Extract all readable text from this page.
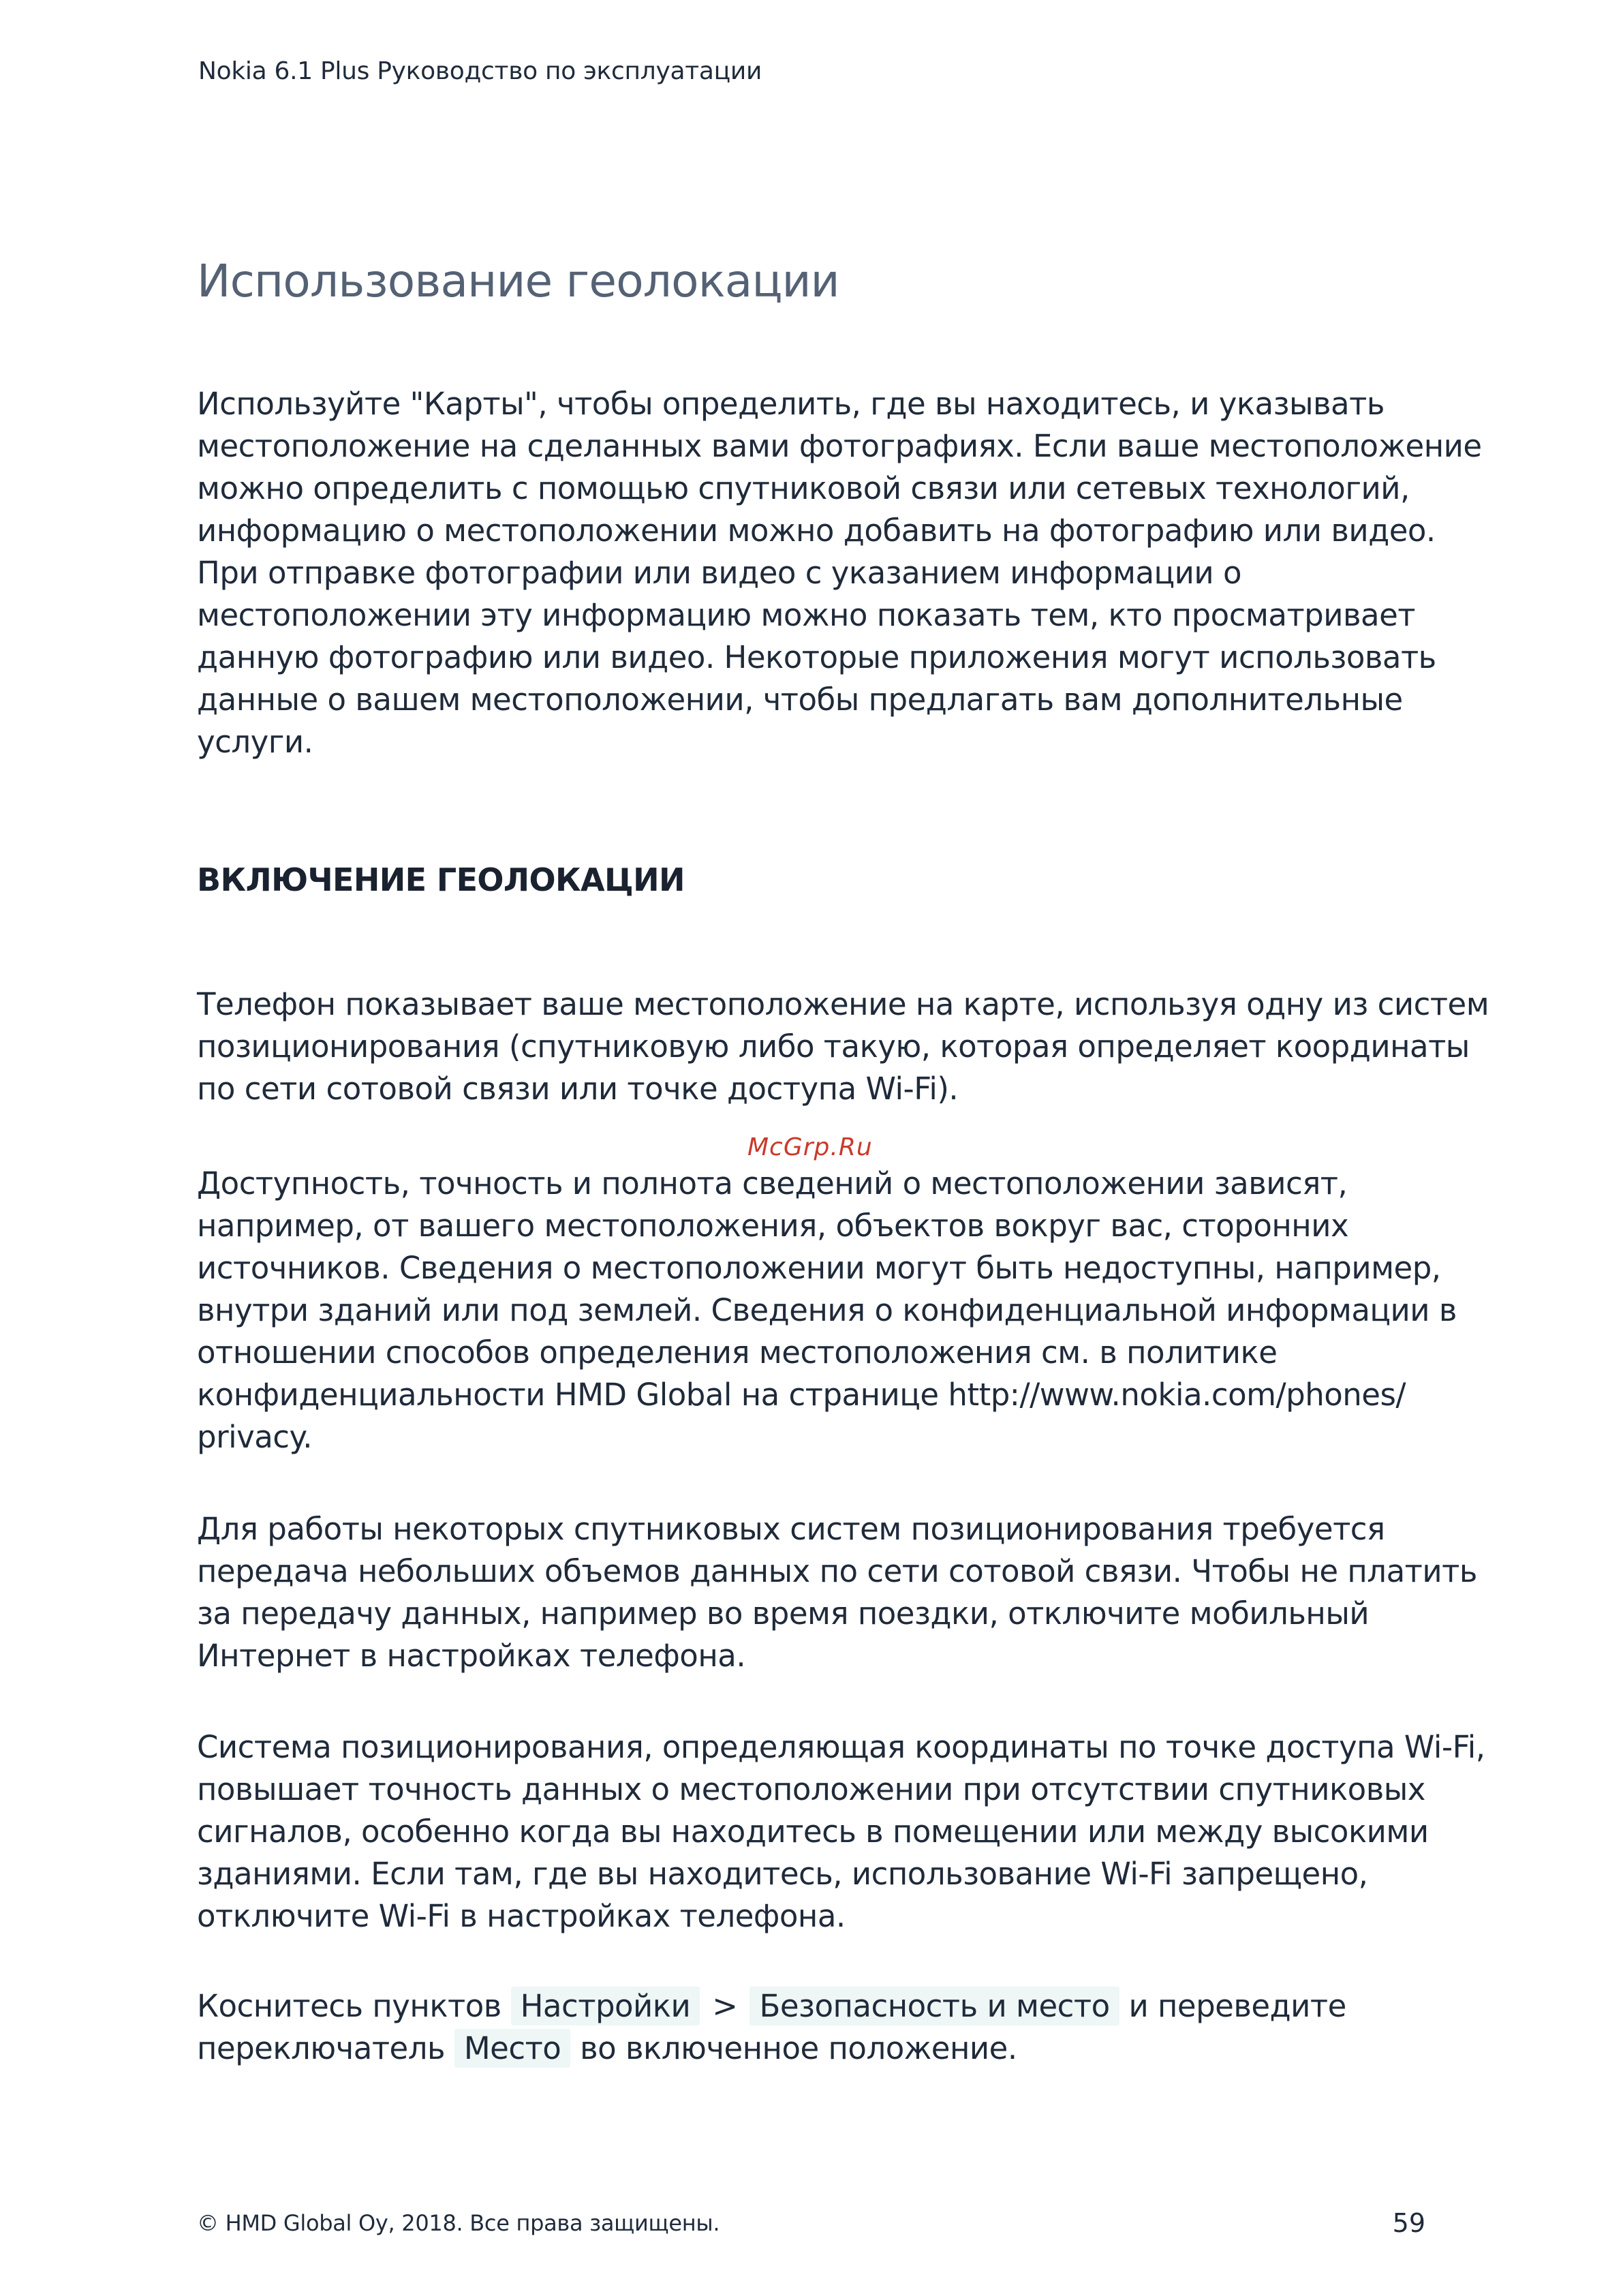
Nokia 6.1 Plus Руководство по эксплуатации
Использование геолокации

Используйте "Карты", чтобы определить, где вы находитесь, и указывать
местоположение на сделанных вами фотографиях. Если ваше местоположение
можно определить с помощью спутниковой связи или сетевых технологий,
информацию о местоположении можно добавить на фотографию или видео.
При отправке фотографии или видео с указанием информации о
местоположении эту информацию можно показать тем, кто просматривает
данную фотографию или видео. Некоторые приложения могут использовать
данные о вашем местоположении, чтобы предлагать вам дополнительные
услуги.

ВКЛЮЧЕНИЕ ГЕОЛОКАЦИИ

Телефон показывает ваше местоположение на карте, используя одну из систем
позиционирования (спутниковую либо такую, которая определяет координаты
по сети сотовой связи или точке доступа Wi-Fi).

McGrp.Ru

Доступность, точность и полнота сведений о местоположении зависят,
например, от вашего местоположения, объектов вокруг вас, сторонних
источников. Сведения о местоположении могут быть недоступны, например,
внутри зданий или под землей. Сведения о конфиденциальной информации в
отношении способов определения местоположения см. в политике
конфиденциальности HMD Global на странице http://www.nokia.com/phones/
privacy.

Для работы некоторых спутниковых систем позиционирования требуется
передача небольших объемов данных по сети сотовой связи. Чтобы не платить
за передачу данных, например во время поездки, отключите мобильный
Интернет в настройках телефона.

Система позиционирования, определяющая координаты по точке доступа Wi-Fi,
повышает точность данных о местоположении при отсутствии спутниковых
сигналов, особенно когда вы находитесь в помещении или между высокими
зданиями. Если там, где вы находитесь, использование Wi-Fi запрещено,
отключите Wi-Fi в настройках телефона.

Коснитесь пунктов Настройки > Безопасность и место и переведите
переключатель Место во включенное положение.

© HMD Global Oy, 2018. Все права защищены.	59
